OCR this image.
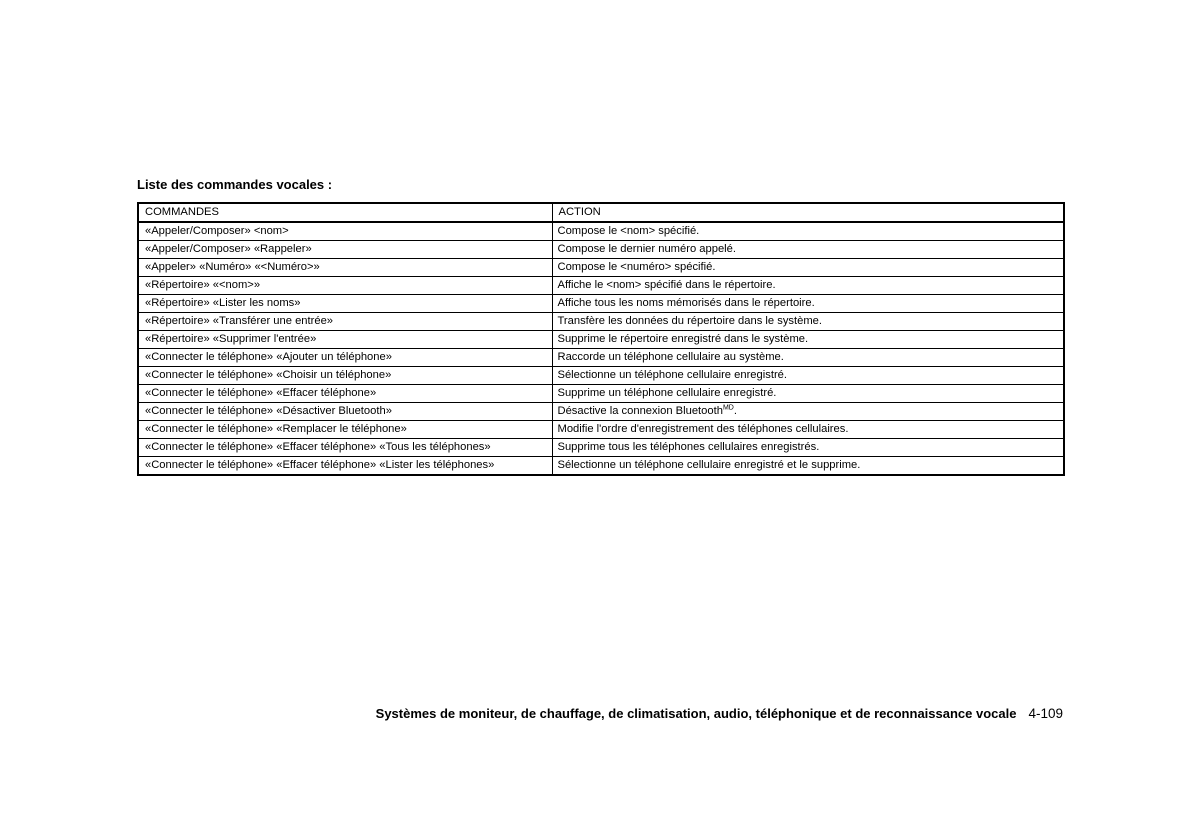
Liste des commandes vocales :
COMMANDES	ACTION
«Appeler/Composer» <nom>	Compose le <nom> spécifié.
«Appeler/Composer» «Rappeler»	Compose le dernier numéro appelé.
«Appeler» «Numéro» «<Numéro>»	Compose le <numéro> spécifié.
«Répertoire» «<nom>»	Affiche le <nom> spécifié dans le répertoire.
«Répertoire» «Lister les noms»	Affiche tous les noms mémorisés dans le répertoire.
«Répertoire» «Transférer une entrée»	Transfère les données du répertoire dans le système.
«Répertoire» «Supprimer l'entrée»	Supprime le répertoire enregistré dans le système.
«Connecter le téléphone» «Ajouter un téléphone»	Raccorde un téléphone cellulaire au système.
«Connecter le téléphone» «Choisir un téléphone»	Sélectionne un téléphone cellulaire enregistré.
«Connecter le téléphone» «Effacer téléphone»	Supprime un téléphone cellulaire enregistré.
«Connecter le téléphone» «Désactiver Bluetooth»	Désactive la connexion Bluetooth$^{MD}$.
«Connecter le téléphone» «Remplacer le téléphone»	Modifie l'ordre d'enregistrement des téléphones cellulaires.
«Connecter le téléphone» «Effacer téléphone» «Tous les téléphones»	Supprime tous les téléphones cellulaires enregistrés.
«Connecter le téléphone» «Effacer téléphone» «Lister les téléphones»	Sélectionne un téléphone cellulaire enregistré et le supprime.
Systèmes de moniteur, de chauffage, de climatisation, audio, téléphonique et de reconnaissance vocale 4-109
